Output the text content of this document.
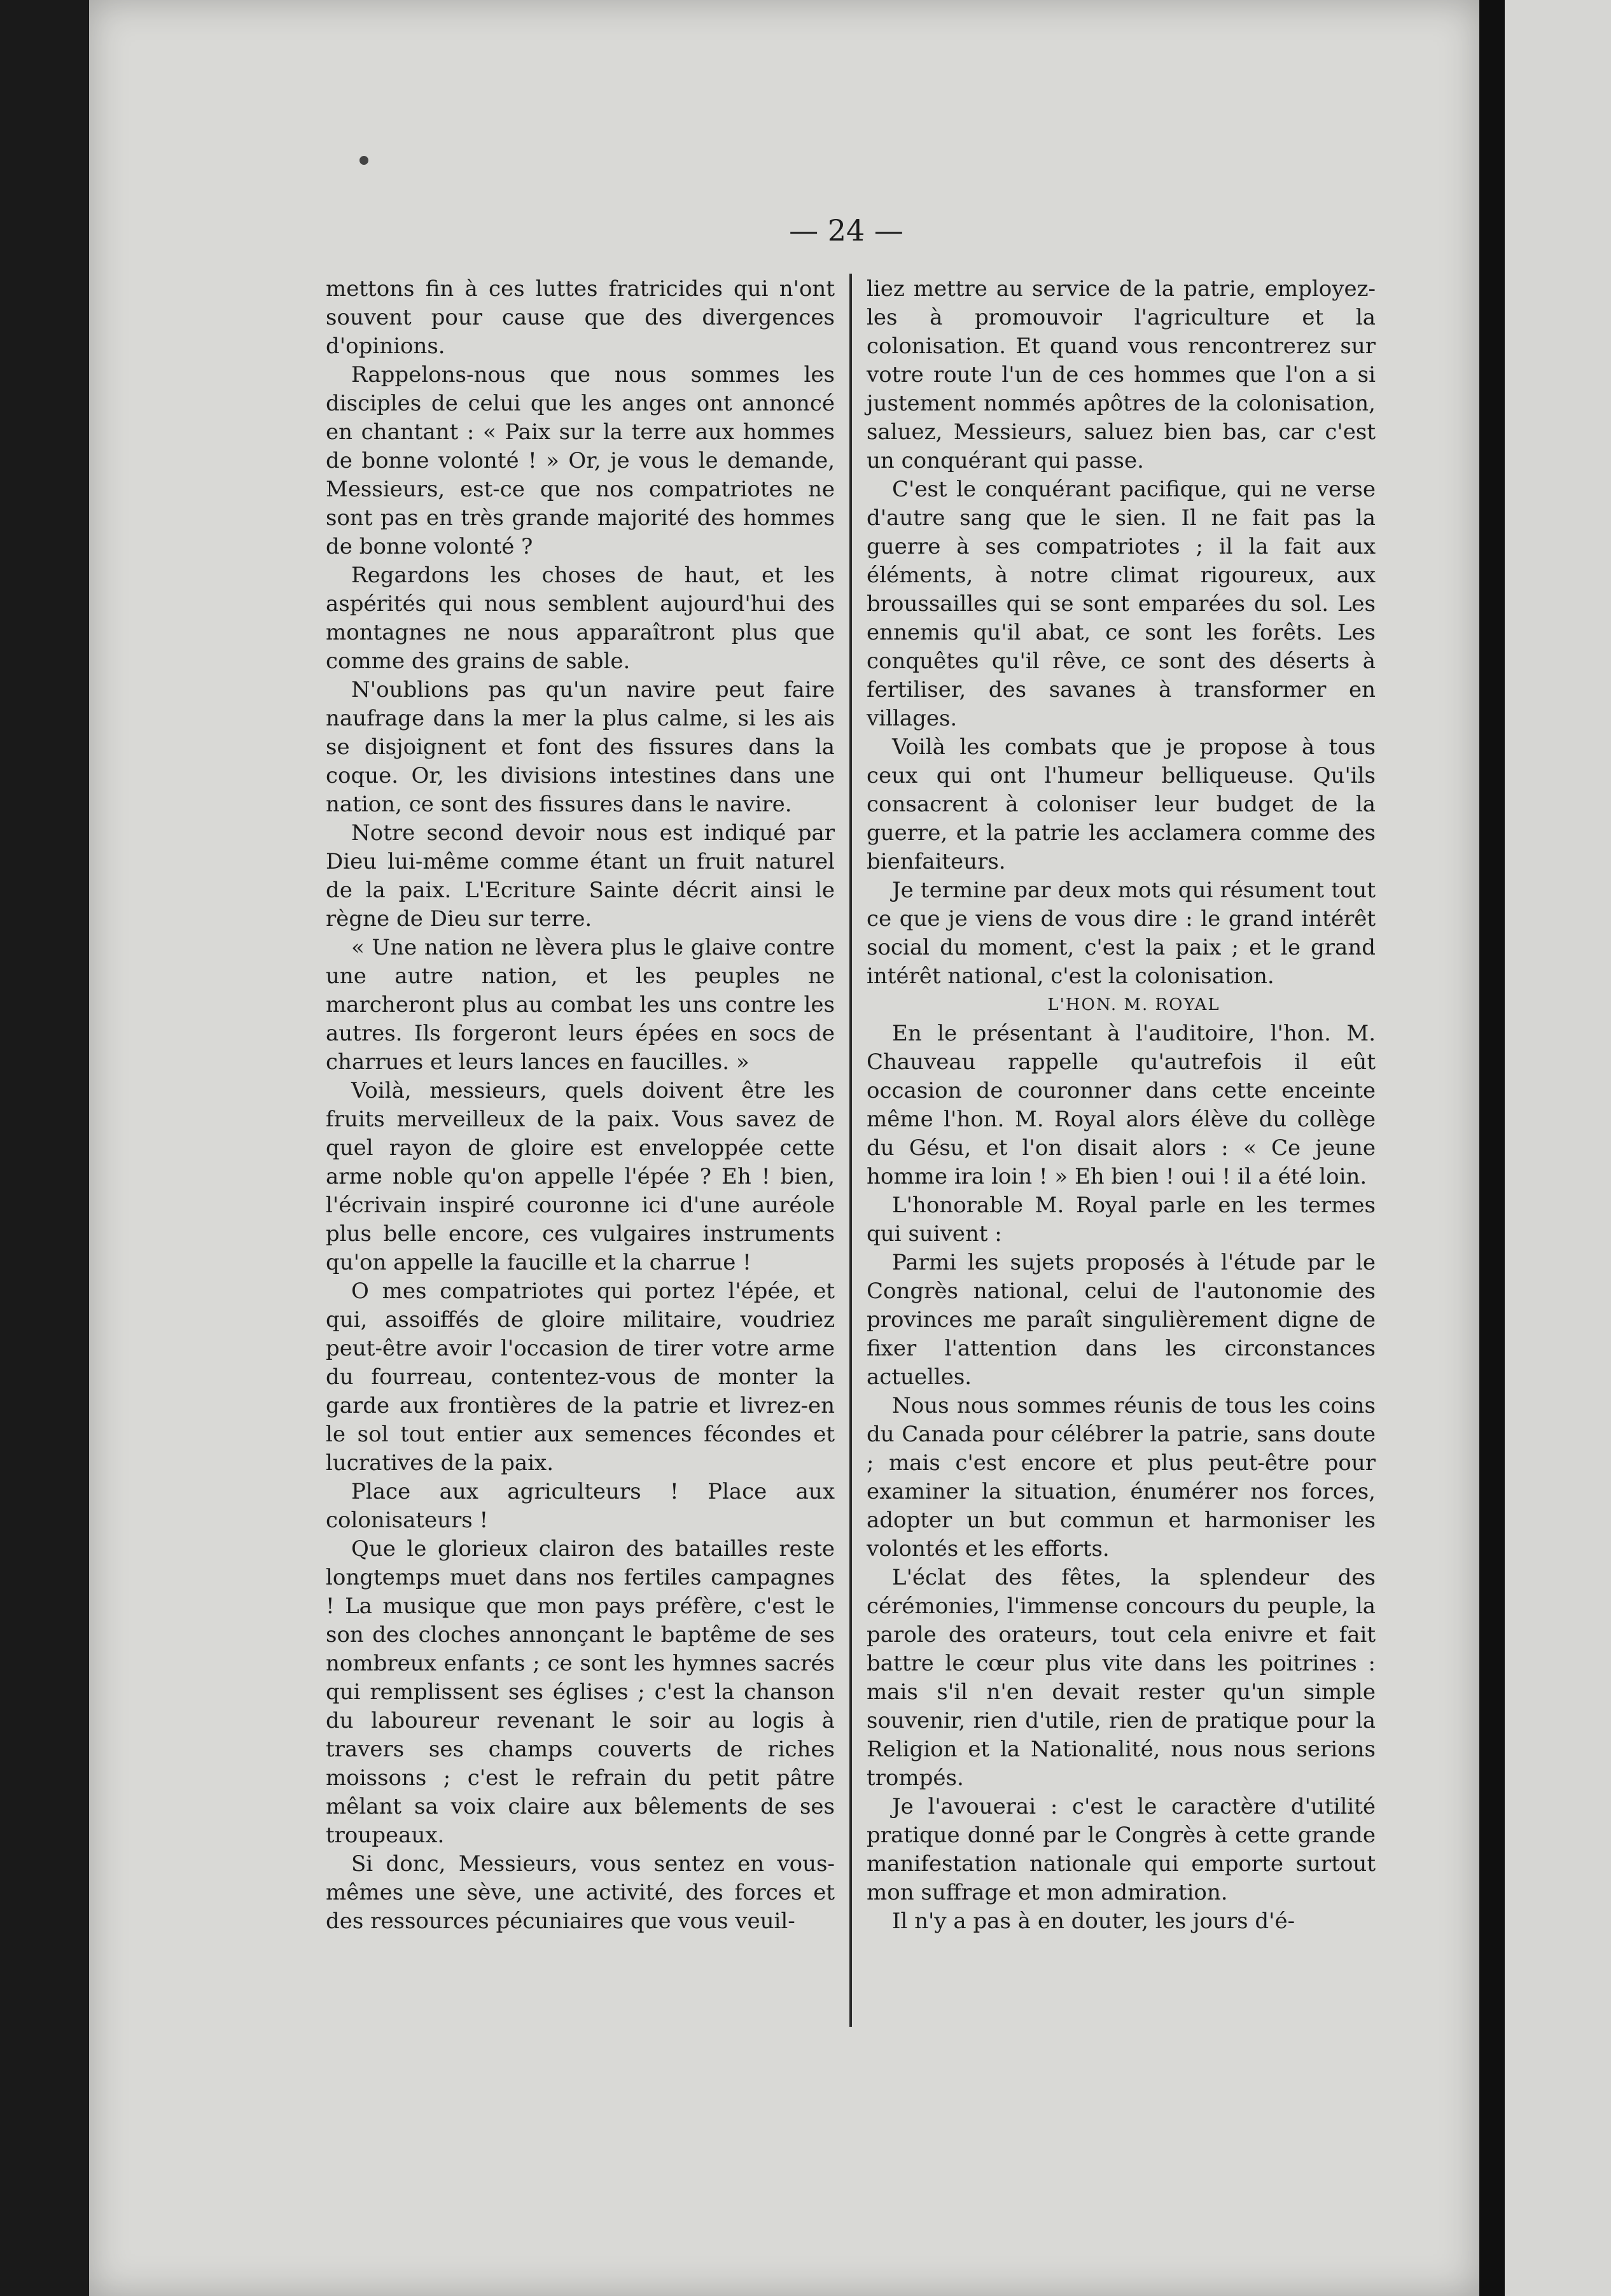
— 24 —

mettons fin à ces luttes fratricides qui n'ont souvent pour cause que des divergences d'opinions.

Rappelons-nous que nous sommes les disciples de celui que les anges ont annoncé en chantant : « Paix sur la terre aux hommes de bonne volonté ! » Or, je vous le demande, Messieurs, est-ce que nos compatriotes ne sont pas en très grande majorité des hommes de bonne volonté ?

Regardons les choses de haut, et les aspérités qui nous semblent aujourd'hui des montagnes ne nous apparaîtront plus que comme des grains de sable.

N'oublions pas qu'un navire peut faire naufrage dans la mer la plus calme, si les ais se disjoignent et font des fissures dans la coque. Or, les divisions intestines dans une nation, ce sont des fissures dans le navire.

Notre second devoir nous est indiqué par Dieu lui-même comme étant un fruit naturel de la paix. L'Ecriture Sainte décrit ainsi le règne de Dieu sur terre.

« Une nation ne lèvera plus le glaive contre une autre nation, et les peuples ne marcheront plus au combat les uns contre les autres. Ils forgeront leurs épées en socs de charrues et leurs lances en faucilles. »

Voilà, messieurs, quels doivent être les fruits merveilleux de la paix. Vous savez de quel rayon de gloire est enveloppée cette arme noble qu'on appelle l'épée ? Eh ! bien, l'écrivain inspiré couronne ici d'une auréole plus belle encore, ces vulgaires instruments qu'on appelle la faucille et la charrue !

O mes compatriotes qui portez l'épée, et qui, assoiffés de gloire militaire, voudriez peut-être avoir l'occasion de tirer votre arme du fourreau, contentez-vous de monter la garde aux frontières de la patrie et livrez-en le sol tout entier aux semences fécondes et lucratives de la paix.

Place aux agriculteurs ! Place aux colonisateurs !

Que le glorieux clairon des batailles reste longtemps muet dans nos fertiles campagnes ! La musique que mon pays préfère, c'est le son des cloches annonçant le baptême de ses nombreux enfants ; ce sont les hymnes sacrés qui remplissent ses églises ; c'est la chanson du laboureur revenant le soir au logis à travers ses champs couverts de riches moissons ; c'est le refrain du petit pâtre mêlant sa voix claire aux bêlements de ses troupeaux.

Si donc, Messieurs, vous sentez en vous-mêmes une sève, une activité, des forces et des ressources pécuniaires que vous veuil-

liez mettre au service de la patrie, employez-les à promouvoir l'agriculture et la colonisation. Et quand vous rencontrerez sur votre route l'un de ces hommes que l'on a si justement nommés apôtres de la colonisation, saluez, Messieurs, saluez bien bas, car c'est un conquérant qui passe.

C'est le conquérant pacifique, qui ne verse d'autre sang que le sien. Il ne fait pas la guerre à ses compatriotes ; il la fait aux éléments, à notre climat rigoureux, aux broussailles qui se sont emparées du sol. Les ennemis qu'il abat, ce sont les forêts. Les conquêtes qu'il rêve, ce sont des déserts à fertiliser, des savanes à transformer en villages.

Voilà les combats que je propose à tous ceux qui ont l'humeur belliqueuse. Qu'ils consacrent à coloniser leur budget de la guerre, et la patrie les acclamera comme des bienfaiteurs.

Je termine par deux mots qui résument tout ce que je viens de vous dire : le grand intérêt social du moment, c'est la paix ; et le grand intérêt national, c'est la colonisation.

L'HON. M. ROYAL

En le présentant à l'auditoire, l'hon. M. Chauveau rappelle qu'autrefois il eût occasion de couronner dans cette enceinte même l'hon. M. Royal alors élève du collège du Gésu, et l'on disait alors : « Ce jeune homme ira loin ! » Eh bien ! oui ! il a été loin.

L'honorable M. Royal parle en les termes qui suivent :

Parmi les sujets proposés à l'étude par le Congrès national, celui de l'autonomie des provinces me paraît singulièrement digne de fixer l'attention dans les circonstances actuelles.

Nous nous sommes réunis de tous les coins du Canada pour célébrer la patrie, sans doute ; mais c'est encore et plus peut-être pour examiner la situation, énumérer nos forces, adopter un but commun et harmoniser les volontés et les efforts.

L'éclat des fêtes, la splendeur des cérémonies, l'immense concours du peuple, la parole des orateurs, tout cela enivre et fait battre le cœur plus vite dans les poitrines : mais s'il n'en devait rester qu'un simple souvenir, rien d'utile, rien de pratique pour la Religion et la Nationalité, nous nous serions trompés.

Je l'avouerai : c'est le caractère d'utilité pratique donné par le Congrès à cette grande manifestation nationale qui emporte surtout mon suffrage et mon admiration.

Il n'y a pas à en douter, les jours d'é-
